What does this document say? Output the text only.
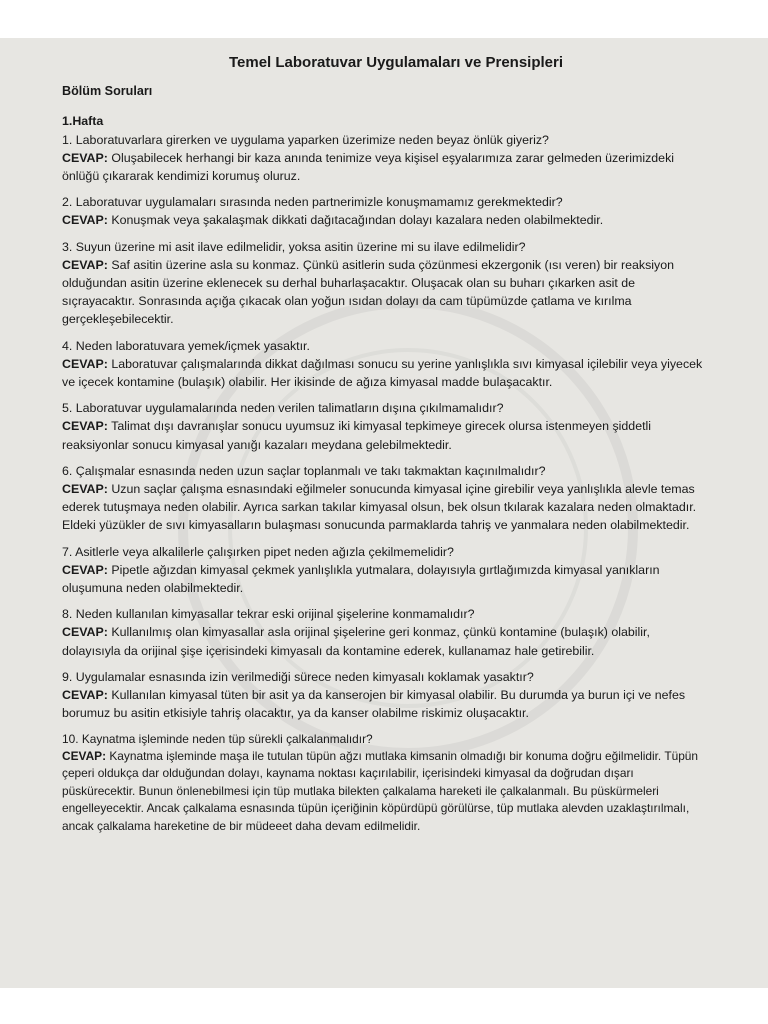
Temel Laboratuvar Uygulamaları ve Prensipleri
Bölüm Soruları
1.Hafta

1. Laboratuvarlara girerken ve uygulama yaparken üzerimize neden beyaz önlük giyeriz?

CEVAP: Oluşabilecek herhangi bir kaza anında tenimize veya kişisel eşyalarımıza zarar gelmeden üzerimizdeki önlüğü çıkararak kendimizi korumuş oluruz.

2. Laboratuvar uygulamaları sırasında neden partnerimizle konuşmamamız gerekmektedir?

CEVAP: Konuşmak veya şakalaşmak dikkati dağıtacağından dolayı kazalara neden olabilmektedir.

3. Suyun üzerine mi asit ilave edilmelidir, yoksa asitin üzerine mi su ilave edilmelidir?

CEVAP: Saf asitin üzerine asla su konmaz. Çünkü asitlerin suda çözünmesi ekzergonik (ısı veren) bir reaksiyon olduğundan asitin üzerine eklenecek su derhal buharlaşacaktır. Oluşacak olan su buharı çıkarken asit de sıçrayacaktır. Sonrasında açığa çıkacak olan yoğun ısıdan dolayı da cam tüpümüzde çatlama ve kırılma gerçekleşebilecektir.

4. Neden laboratuvara yemek/içmek yasaktır.

CEVAP: Laboratuvar çalışmalarında dikkat dağılması sonucu su yerine yanlışlıkla sıvı kimyasal içilebilir veya yiyecek ve içecek kontamine (bulaşık) olabilir. Her ikisinde de ağıza kimyasal madde bulaşacaktır.

5. Laboratuvar uygulamalarında neden verilen talimatların dışına çıkılmamalıdır?

CEVAP: Talimat dışı davranışlar sonucu uyumsuz iki kimyasal tepkimeye girecek olursa istenmeyen şiddetli reaksiyonlar sonucu kimyasal yanığı kazaları meydana gelebilmektedir.

6. Çalışmalar esnasında neden uzun saçlar toplanmalı ve takı takmaktan kaçınılmalıdır?

CEVAP: Uzun saçlar çalışma esnasındaki eğilmeler sonucunda kimyasal içine girebilir veya yanlışlıkla alevle temas ederek tutuşmaya neden olabilir. Ayrıca sarkan takılar kimyasal olsun, bek olsun tkılarak kazalara neden olmaktadır. Eldeki yüzükler de sıvı kimyasalların bulaşması sonucunda parmaklarda tahriş ve yanmalara neden olabilmektedir.

7. Asitlerle veya alkalilerle çalışırken pipet neden ağızla çekilmemelidir?

CEVAP: Pipetle ağızdan kimyasal çekmek yanlışlıkla yutmalara, dolayısıyla gırtlağımızda kimyasal yanıkların oluşumuna neden olabilmektedir.

8. Neden kullanılan kimyasallar tekrar eski orijinal şişelerine konmamalıdır?

CEVAP: Kullanılmış olan kimyasallar asla orijinal şişelerine geri konmaz, çünkü kontamine (bulaşık) olabilir, dolayısıyla da orijinal şişe içerisindeki kimyasalı da kontamine ederek, kullanamaz hale getirebilir.

9. Uygulamalar esnasında izin verilmediği sürece neden kimyasalı koklamak yasaktır?

CEVAP: Kullanılan kimyasal tüten bir asit ya da kanserojen bir kimyasal olabilir. Bu durumda ya burun içi ve nefes borumuz bu asitin etkisiyle tahriş olacaktır, ya da kanser olabilme riskimiz oluşacaktır.

10. Kaynatma işleminde neden tüp sürekli çalkalanmalıdır?

CEVAP: Kaynatma işleminde maşa ile tutulan tüpün ağzı mutlaka kimsanin olmadığı bir konuma doğru eğilmelidir. Tüpün çeperi oldukça dar olduğundan dolayı, kaynama noktası kaçırılabilir, içerisindeki kimyasal da doğrudan dışarı püskürecektir. Bunun önlenebilmesi için tüp mutlaka bilekten çalkalama hareketi ile çalkalanmalı. Bu püskürmeleri engelleyecektir. Ancak çalkalama esnasında tüpün içeriğinin köpürdüpü görülürse, tüp mutlaka alevden uzaklaştırılmalı, ancak çalkalama hareketine de bir müdeeet daha devam edilmelidir.
